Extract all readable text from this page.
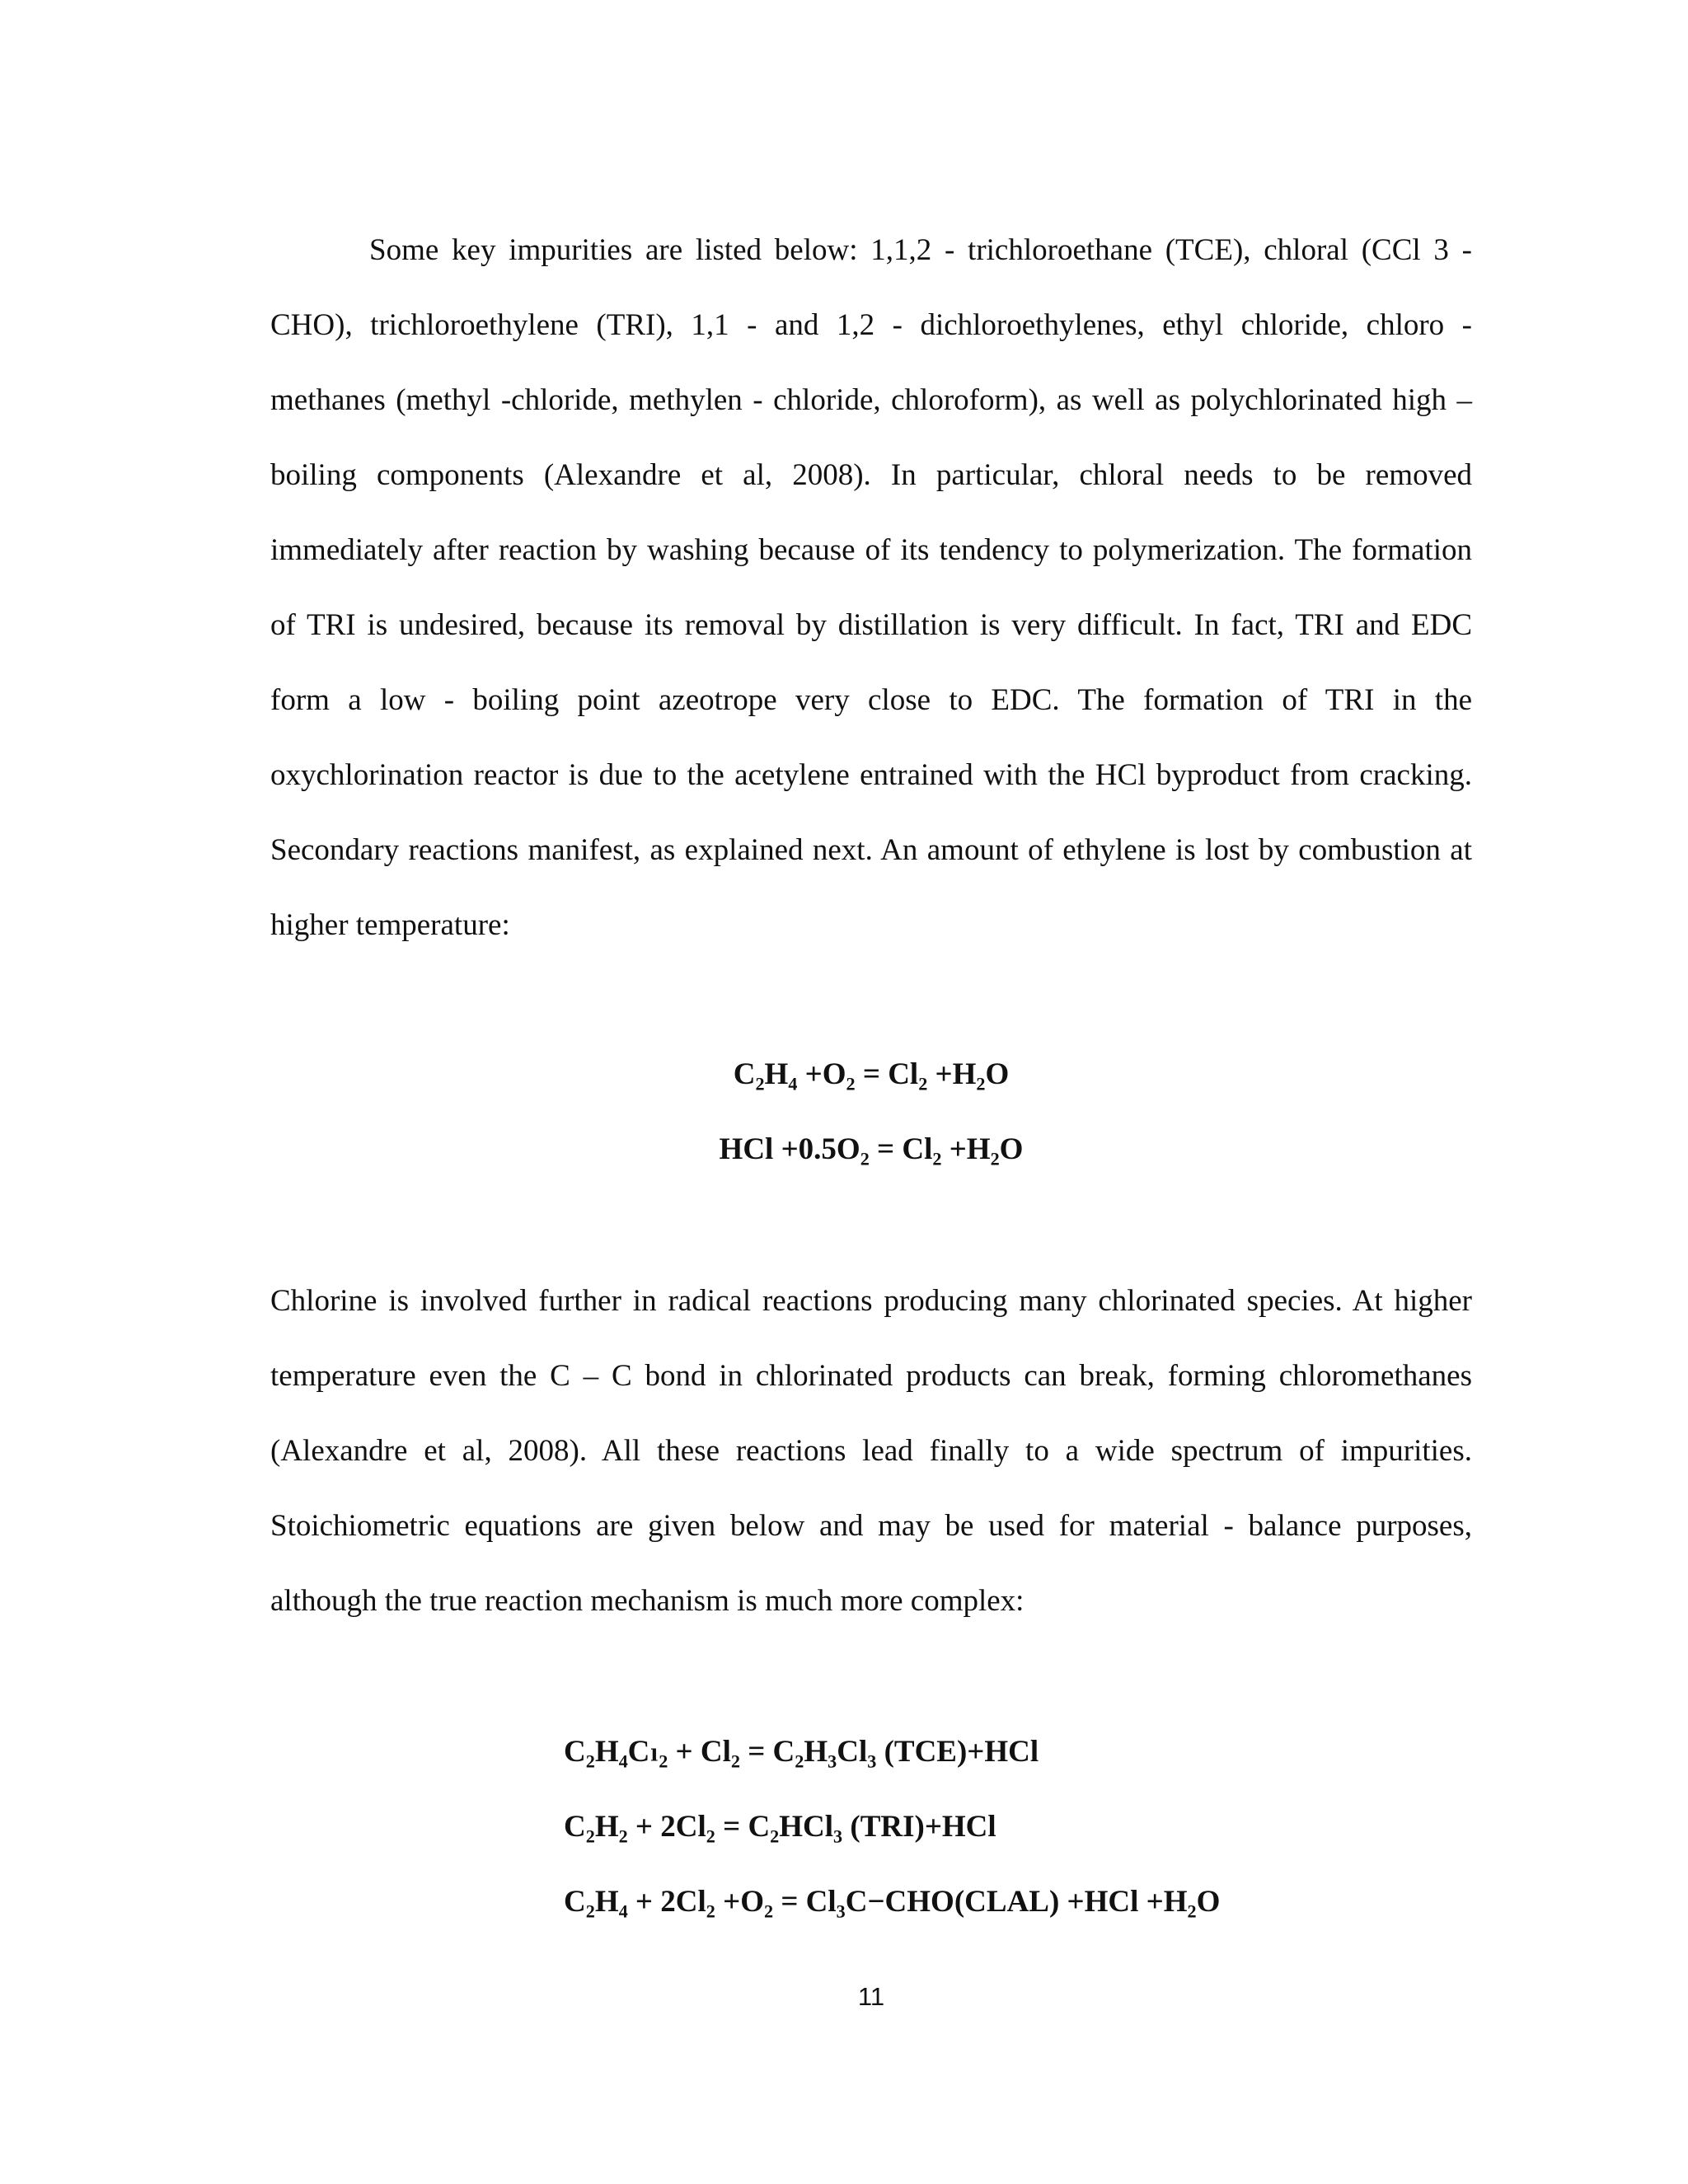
Some key impurities are listed below: 1,1,2 - trichloroethane (TCE), chloral (CCl 3 - CHO), trichloroethylene (TRI), 1,1 - and 1,2 - dichloroethylenes, ethyl chloride, chloro - methanes (methyl -chloride, methylen - chloride, chloroform), as well as polychlorinated high – boiling components (Alexandre et al, 2008). In particular, chloral needs to be removed immediately after reaction by washing because of its tendency to polymerization. The formation of TRI is undesired, because its removal by distillation is very difficult. In fact, TRI and EDC form a low - boiling point azeotrope very close to EDC. The formation of TRI in the oxychlorination reactor is due to the acetylene entrained with the HCl byproduct from cracking. Secondary reactions manifest, as explained next. An amount of ethylene is lost by combustion at higher temperature:

C₂H₄ +O₂ = Cl₂ +H₂O
HCl +0.5O₂ = Cl₂ +H₂O

Chlorine is involved further in radical reactions producing many chlorinated species. At higher temperature even the C – C bond in chlorinated products can break, forming chloromethanes (Alexandre et al, 2008). All these reactions lead finally to a wide spectrum of impurities. Stoichiometric equations are given below and may be used for material - balance purposes, although the true reaction mechanism is much more complex:

C₂H₄Cₗ₂ + Cl₂ = C₂H₃Cl₃ (TCE)+HCl
C₂H₂ + 2Cl₂ = C₂HCl₃ (TRI)+HCl
C₂H₄ + 2Cl₂ +O₂ = Cl₃C−CHO(CLAL) +HCl +H₂O
11
